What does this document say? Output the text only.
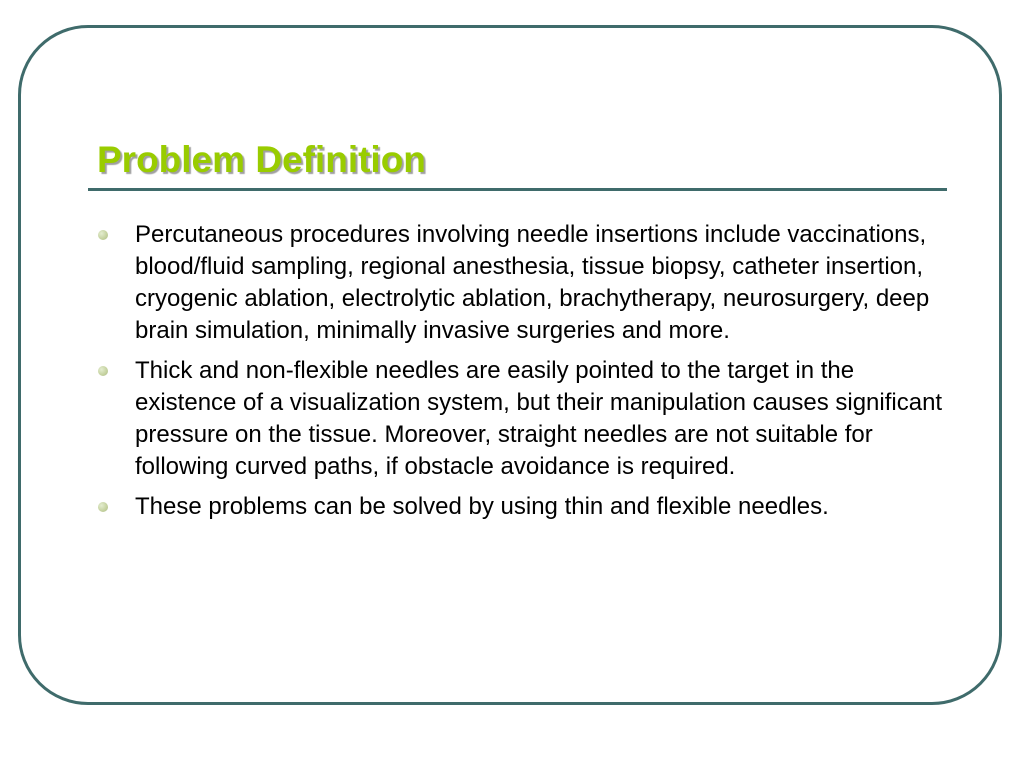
Problem Definition
Percutaneous procedures involving needle insertions include vaccinations, blood/fluid sampling, regional anesthesia, tissue biopsy, catheter insertion, cryogenic ablation, electrolytic ablation, brachytherapy, neurosurgery, deep brain simulation, minimally invasive surgeries and more.
Thick and non-flexible needles are easily pointed to the target in the existence of a visualization system, but their manipulation causes significant pressure on the tissue. Moreover, straight needles are not suitable for following curved paths, if obstacle avoidance is required.
These problems can be solved by using thin and flexible needles.
